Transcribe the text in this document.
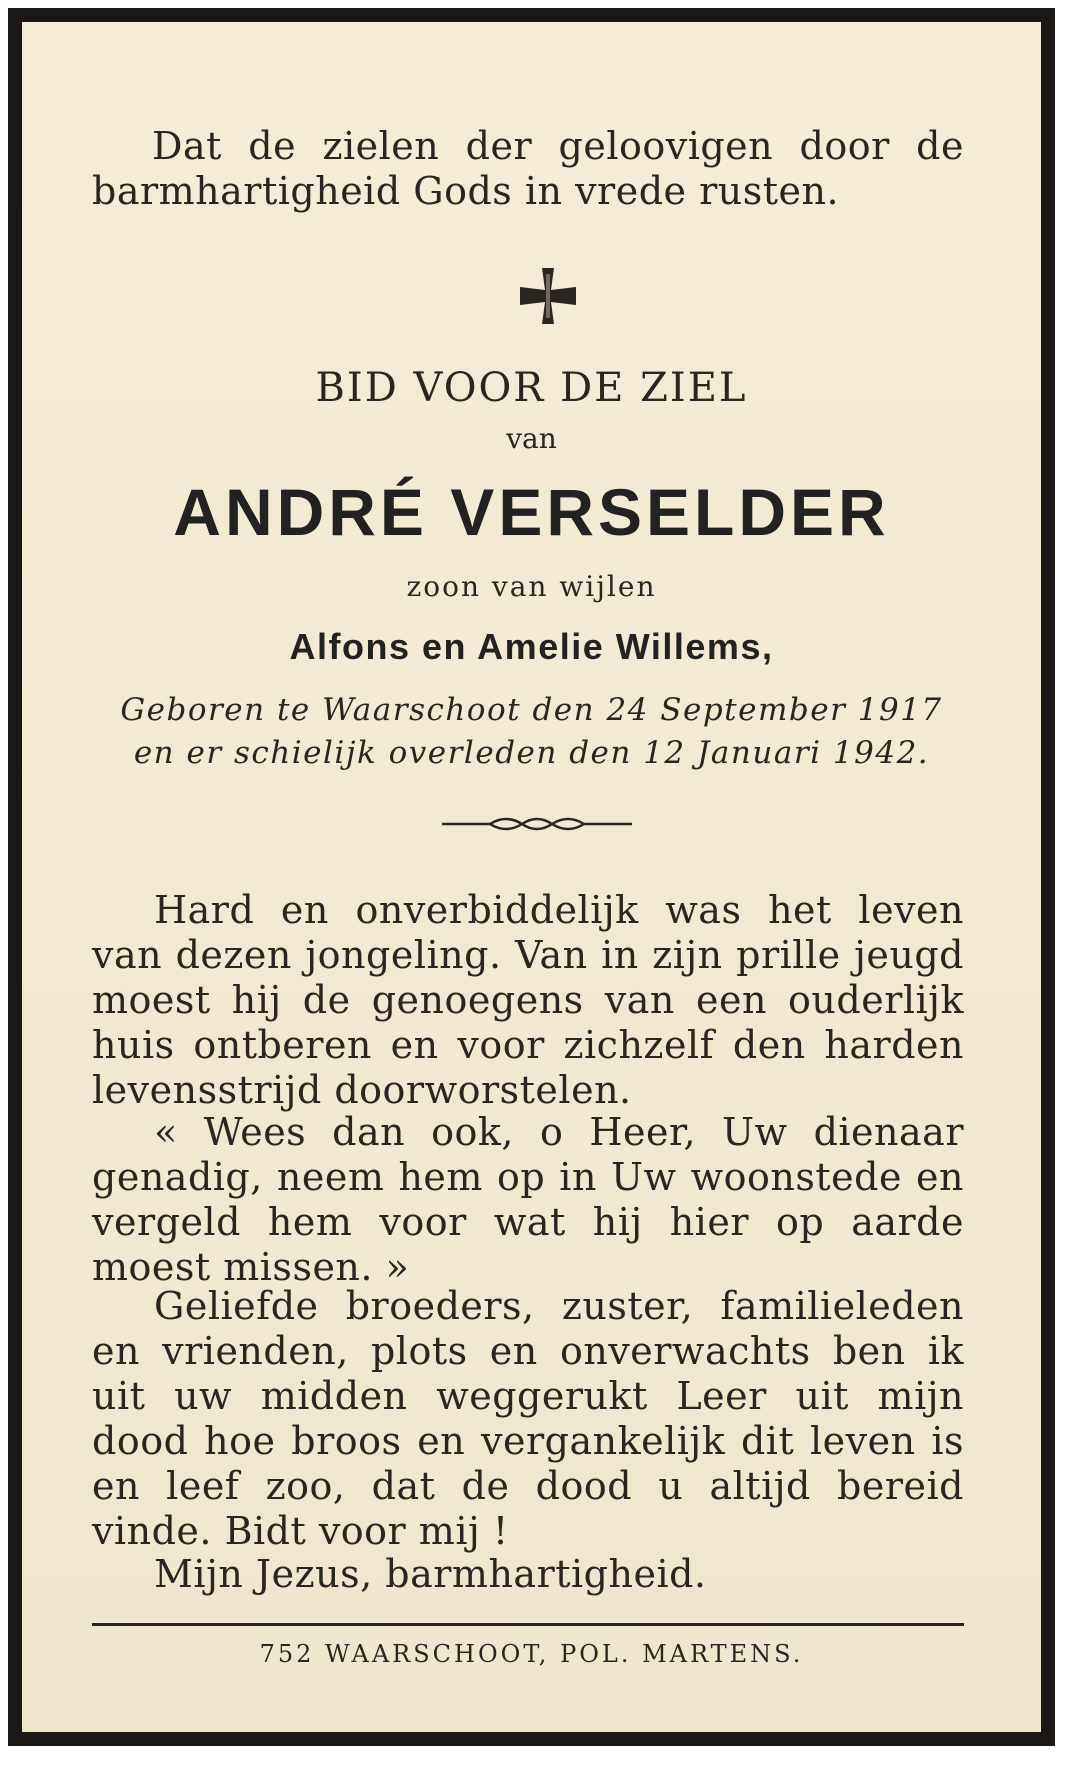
Dat de zielen der geloovigen door de barmhartigheid Gods in vrede rusten.
BID VOOR DE ZIEL
van
ANDRÉ VERSELDER
zoon van wijlen
Alfons en Amelie Willems,
Geboren te Waarschoot den 24 September 1917
en er schielijk overleden den 12 Januari 1942.
Hard en onverbiddelijk was het leven van dezen jongeling. Van in zijn prille jeugd moest hij de genoegens van een ouderlijk huis ontberen en voor zichzelf den harden levensstrijd doorworstelen.
« Wees dan ook, o Heer, Uw dienaar genadig, neem hem op in Uw woonstede en vergeld hem voor wat hij hier op aarde moest missen. »
Geliefde broeders, zuster, familieleden en vrienden, plots en onverwachts ben ik uit uw midden weggerukt Leer uit mijn dood hoe broos en vergankelijk dit leven is en leef zoo, dat de dood u altijd bereid vinde. Bidt voor mij !
Mijn Jezus, barmhartigheid.
752 WAARSCHOOT, POL. MARTENS.
